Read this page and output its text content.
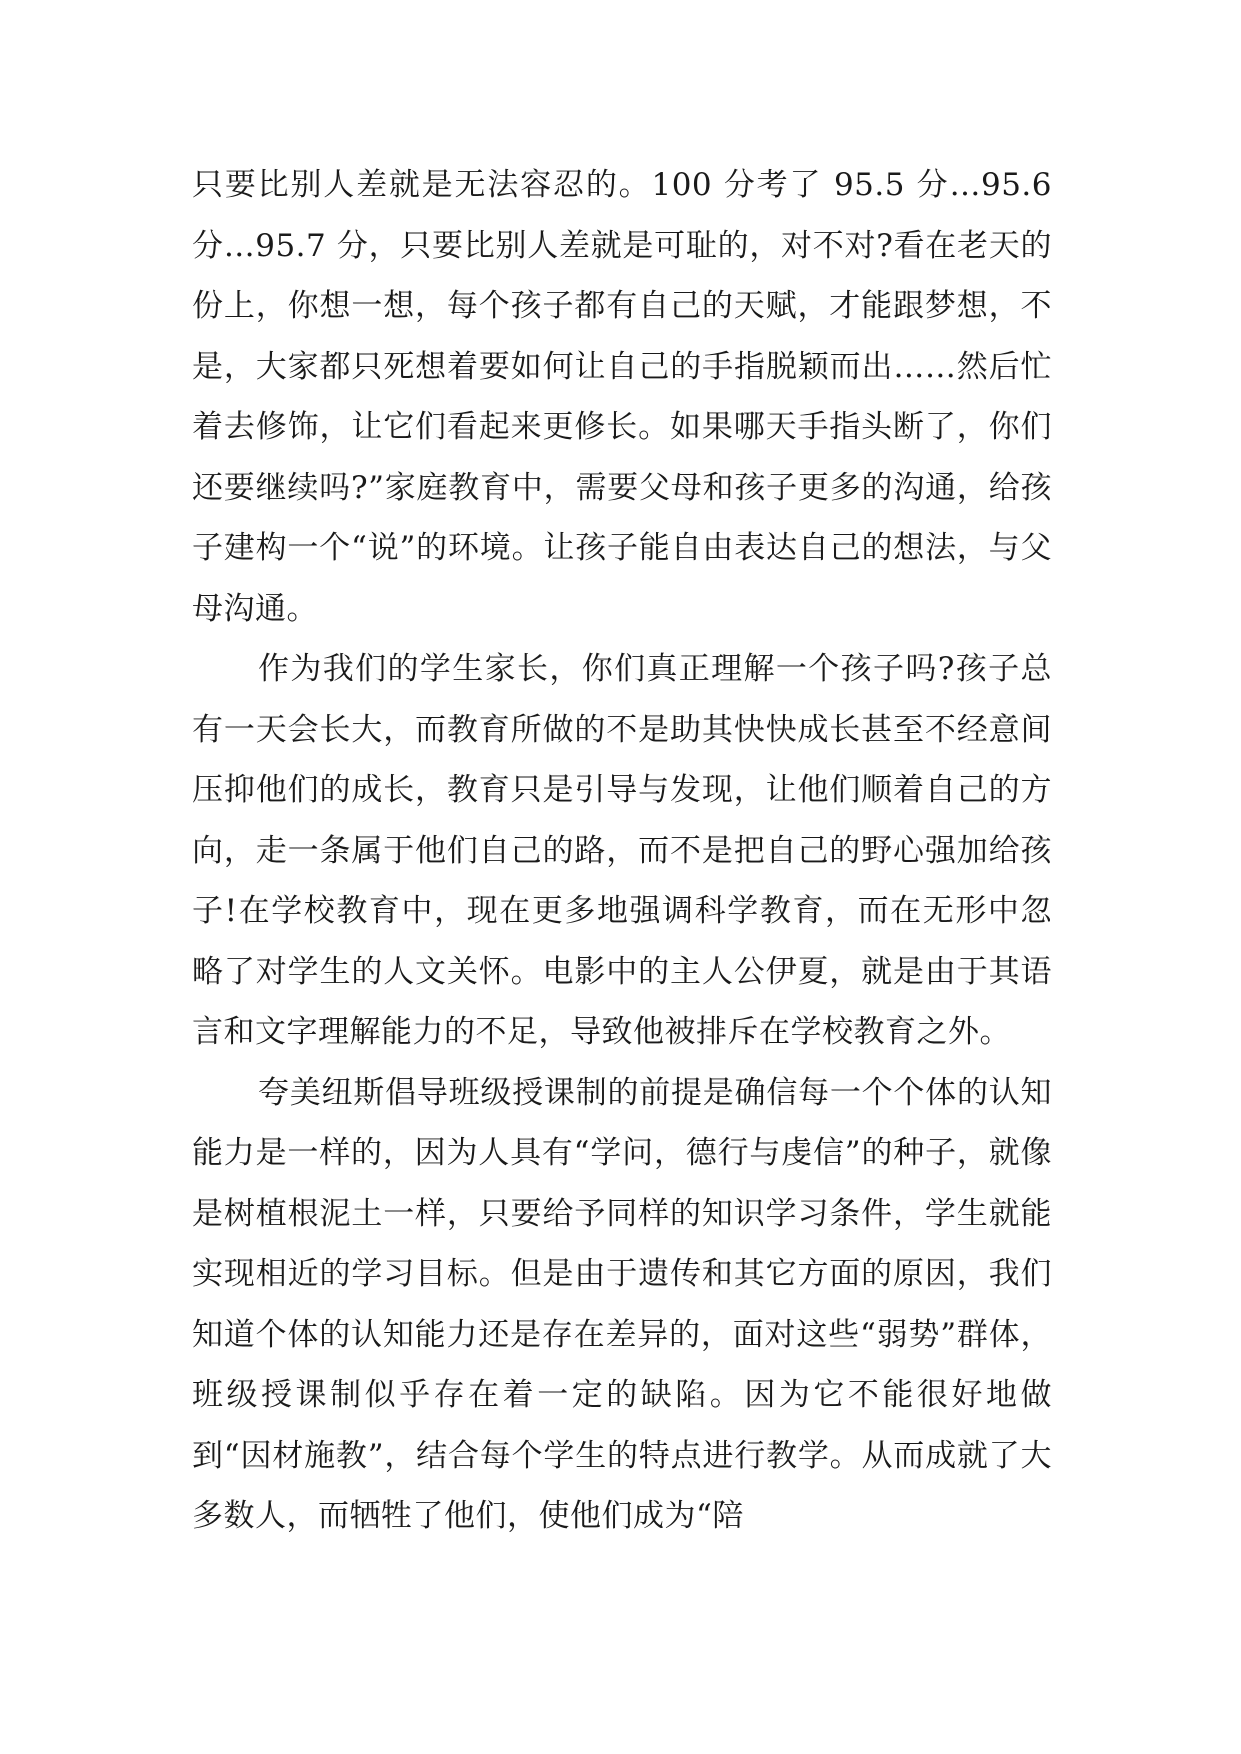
只要比别人差就是无法容忍的。100 分考了 95.5 分…95.6 分…95.7 分，只要比别人差就是可耻的，对不对?看在老天的份上，你想一想，每个孩子都有自己的天赋，才能跟梦想，不是，大家都只死想着要如何让自己的手指脱颖而出……然后忙着去修饰，让它们看起来更修长。如果哪天手指头断了，你们还要继续吗?”家庭教育中，需要父母和孩子更多的沟通，给孩子建构一个“说”的环境。让孩子能自由表达自己的想法，与父母沟通。

作为我们的学生家长，你们真正理解一个孩子吗?孩子总有一天会长大，而教育所做的不是助其快快成长甚至不经意间压抑他们的成长，教育只是引导与发现，让他们顺着自己的方向，走一条属于他们自己的路，而不是把自己的野心强加给孩子!在学校教育中，现在更多地强调科学教育，而在无形中忽略了对学生的人文关怀。电影中的主人公伊夏，就是由于其语言和文字理解能力的不足，导致他被排斥在学校教育之外。

夸美纽斯倡导班级授课制的前提是确信每一个个体的认知能力是一样的，因为人具有“学问，德行与虔信”的种子，就像是树植根泥土一样，只要给予同样的知识学习条件，学生就能实现相近的学习目标。但是由于遗传和其它方面的原因，我们知道个体的认知能力还是存在差异的，面对这些“弱势”群体，班级授课制似乎存在着一定的缺陷。因为它不能很好地做到“因材施教”，结合每个学生的特点进行教学。从而成就了大多数人，而牺牲了他们，使他们成为“陪
